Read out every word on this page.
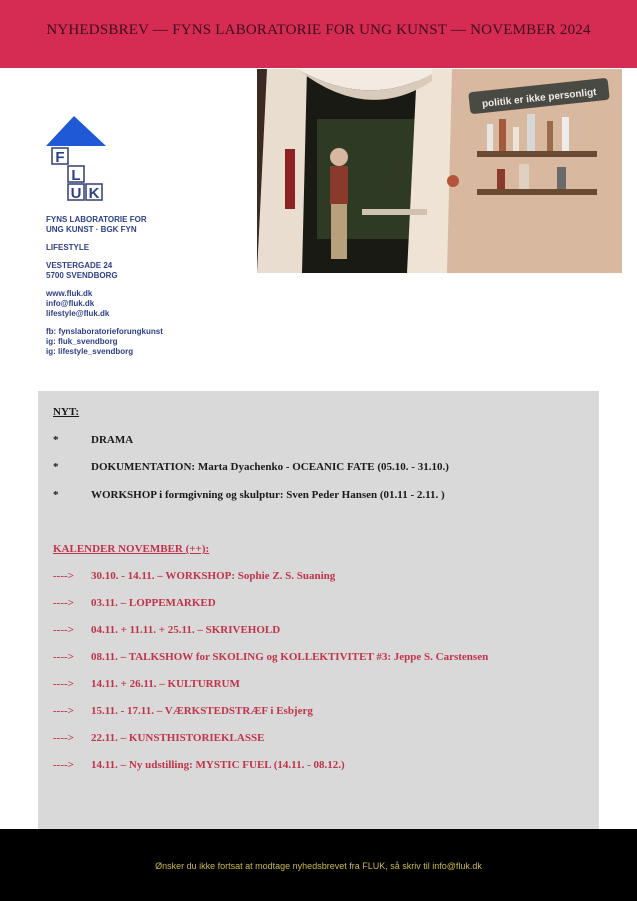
NYHEDSBREV –– FYNS LABORATORIE FOR UNG KUNST –– NOVEMBER 2024
politik er ikke personligt
F
L
U K
FYNS LABORATORIE FOR
UNG KUNST · BGK FYN
LIFESTYLE
VESTERGADE 24
5700 SVENDBORG
www.fluk.dk
info@fluk.dk
lifestyle@fluk.dk
fb: fynslaboratorieforungkunst
ig: fluk_svendborg
ig: lifestyle_svendborg
NYT:
*	DRAMA
*	DOKUMENTATION: Marta Dyachenko - OCEANIC FATE (05.10. - 31.10.)
*	WORKSHOP i formgivning og skulptur: Sven Peder Hansen (01.11 - 2.11. )
KALENDER NOVEMBER (++):
----> 30.10. - 14.11. – WORKSHOP: Sophie Z. S. Suaning
----> 03.11. – LOPPEMARKED
----> 04.11. + 11.11. + 25.11. – SKRIVEHOLD
----> 08.11. – TALKSHOW for SKOLING og KOLLEKTIVITET #3: Jeppe S. Carstensen
----> 14.11. + 26.11. – KULTURRUM
----> 15.11. - 17.11. – VÆRKSTEDSTRÆF i Esbjerg
----> 22.11. – KUNSTHISTORIEKLASSE
----> 14.11. – Ny udstilling: MYSTIC FUEL (14.11. - 08.12.)
Ønsker du ikke fortsat at modtage nyhedsbrevet fra FLUK, så skriv til info@fluk.dk
